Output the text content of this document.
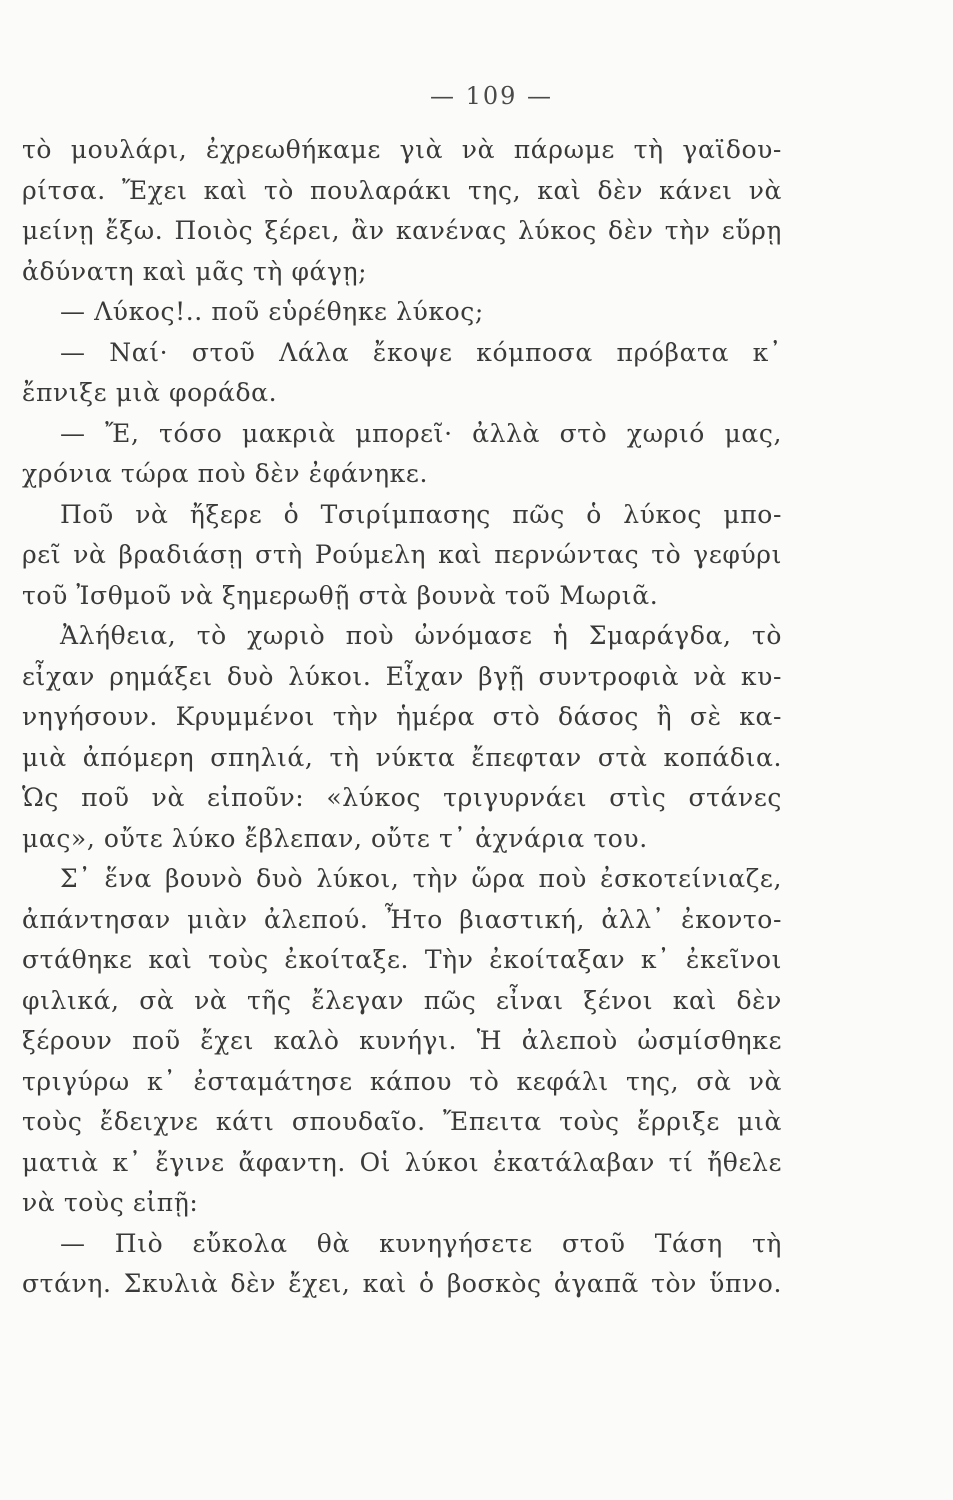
— 109 —
τὸ μουλάρι, ἐχρεωθήκαμε γιὰ νὰ πάρωμε τὴ γαϊδου-
ρίτσα. Ἔχει καὶ τὸ πουλαράκι της, καὶ δὲν κάνει νὰ
μείνῃ ἔξω. Ποιὸς ξέρει, ἂν κανένας λύκος δὲν τὴν εὕρῃ
ἀδύνατη καὶ μᾶς τὴ φάγῃ;
— Λύκος!.. ποῦ εὑρέθηκε λύκος;
— Ναί· στοῦ Λάλα ἔκοψε κόμποσα πρόβατα κ᾿
ἔπνιξε μιὰ φοράδα.
— Ἔ, τόσο μακριὰ μπορεῖ· ἀλλὰ στὸ χωριό μας,
χρόνια τώρα ποὺ δὲν ἐφάνηκε.
Ποῦ νὰ ἤξερε ὁ Τσιρίμπασης πῶς ὁ λύκος μπο-
ρεῖ νὰ βραδιάσῃ στὴ Ρούμελη καὶ περνώντας τὸ γεφύρι
τοῦ Ἰσθμοῦ νὰ ξημερωθῇ στὰ βουνὰ τοῦ Μωριᾶ.
Ἀλήθεια, τὸ χωριὸ ποὺ ὠνόμασε ἡ Σμαράγδα, τὸ
εἶχαν ρημάξει δυὸ λύκοι. Εἶχαν βγῇ συντροφιὰ νὰ κυ-
νηγήσουν. Κρυμμένοι τὴν ἡμέρα στὸ δάσος ἢ σὲ κα-
μιὰ ἀπόμερη σπηλιά, τὴ νύκτα ἔπεφταν στὰ κοπάδια.
Ὡς ποῦ νὰ εἰποῦν: «λύκος τριγυρνάει στὶς στάνες
μας», οὔτε λύκο ἔβλεπαν, οὔτε τ᾿ ἀχνάρια του.
Σ᾿ ἕνα βουνὸ δυὸ λύκοι, τὴν ὥρα ποὺ ἐσκοτείνιαζε,
ἀπάντησαν μιὰν ἀλεπού. Ἦτο βιαστική, ἀλλ᾿ ἐκοντο-
στάθηκε καὶ τοὺς ἐκοίταξε. Τὴν ἐκοίταξαν κ᾿ ἐκεῖνοι
φιλικά, σὰ νὰ τῆς ἔλεγαν πῶς εἶναι ξένοι καὶ δὲν
ξέρουν ποῦ ἔχει καλὸ κυνήγι. Ἡ ἀλεποὺ ὠσμίσθηκε
τριγύρω κ᾿ ἐσταμάτησε κάπου τὸ κεφάλι της, σὰ νὰ
τοὺς ἔδειχνε κάτι σπουδαῖο. Ἔπειτα τοὺς ἔρριξε μιὰ
ματιὰ κ᾿ ἔγινε ἄφαντη. Οἱ λύκοι ἐκατάλαβαν τί ἤθελε
νὰ τοὺς εἰπῇ:
— Πιὸ εὔκολα θὰ κυνηγήσετε στοῦ Τάση τὴ
στάνη. Σκυλιὰ δὲν ἔχει, καὶ ὁ βοσκὸς ἀγαπᾶ τὸν ὕπνο.
